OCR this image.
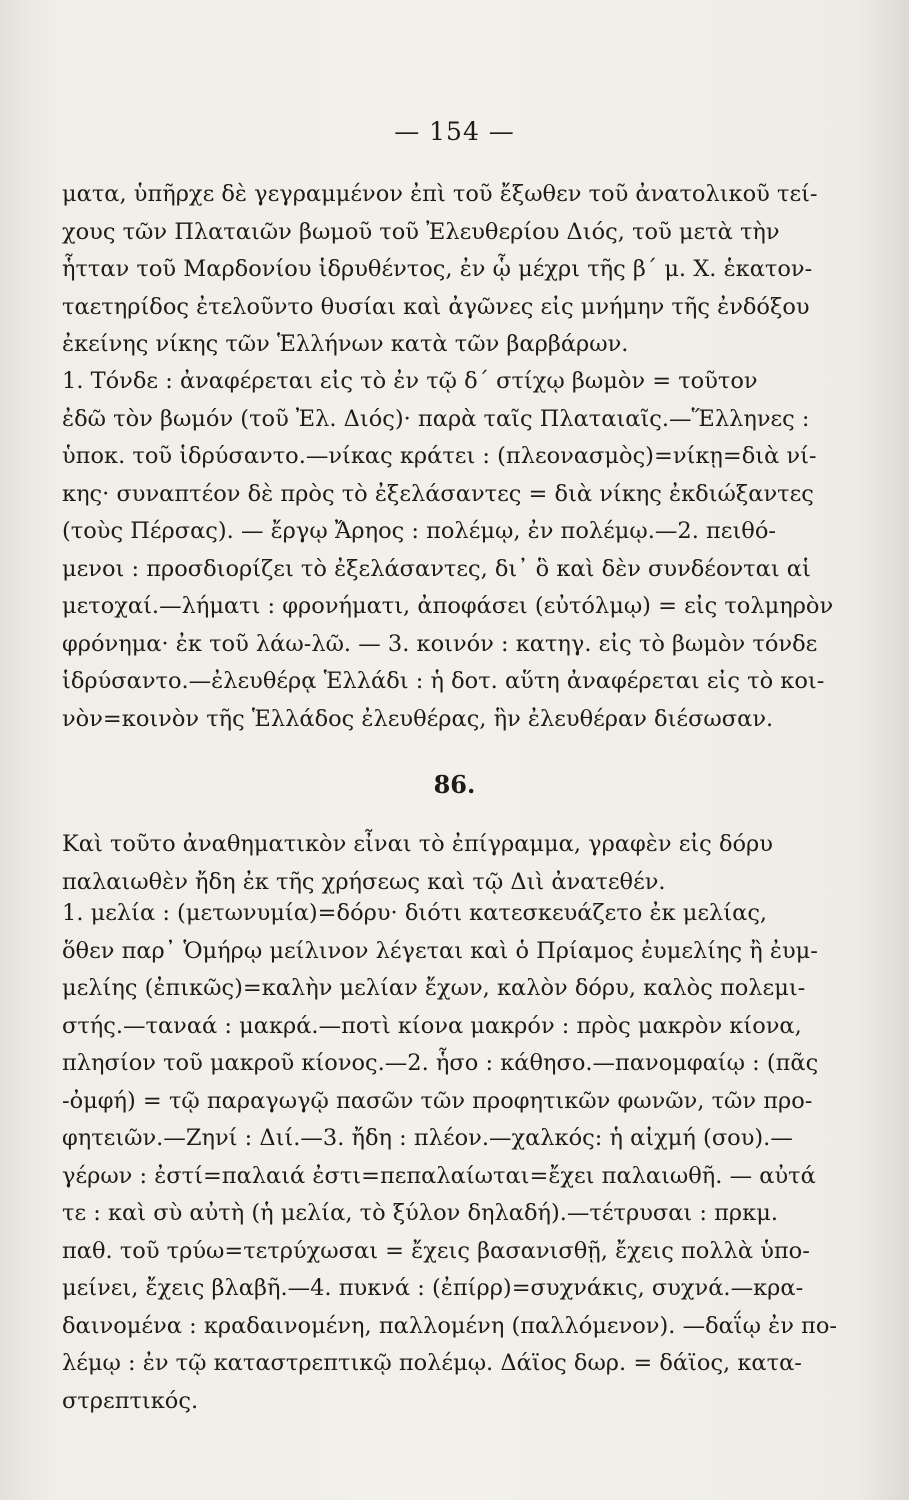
— 154 —
ματα, ὑπῆρχε δὲ γεγραμμένον ἐπὶ τοῦ ἔξωθεν τοῦ ἀνατολικοῦ τεί-
χους τῶν Πλαταιῶν βωμοῦ τοῦ Ἐλευθερίου Διός, τοῦ μετὰ τὴν
ἧτταν τοῦ Μαρδονίου ἱδρυθέντος, ἐν ᾧ μέχρι τῆς β΄ μ. Χ. ἑκατον-
ταετηρίδος ἐτελοῦντο θυσίαι καὶ ἀγῶνες εἰς μνήμην τῆς ἐνδόξου
ἐκείνης νίκης τῶν Ἑλλήνων κατὰ τῶν βαρβάρων.
1. Τόνδε : ἀναφέρεται εἰς τὸ ἐν τῷ δ΄ στίχῳ βωμὸν = τοῦτον
ἐδῶ τὸν βωμόν (τοῦ Ἐλ. Διός)· παρὰ ταῖς Πλαταιαῖς.—Ἕλληνες :
ὑποκ. τοῦ ἱδρύσαντο.—νίκας κράτει : (πλεονασμὸς)=νίκῃ=διὰ νί-
κης· συναπτέον δὲ πρὸς τὸ ἐξελάσαντες = διὰ νίκης ἐκδιώξαντες
(τοὺς Πέρσας). — ἔργῳ Ἄρηος : πολέμῳ, ἐν πολέμῳ.—2. πειθό-
μενοι : προσδιορίζει τὸ ἐξελάσαντες, δι᾽ ὃ καὶ δὲν συνδέονται αἱ
μετοχαί.—λήματι : φρονήματι, ἀποφάσει (εὐτόλμῳ) = εἰς τολμηρὸν
φρόνημα· ἐκ τοῦ λάω-λῶ. — 3. κοινόν : κατηγ. εἰς τὸ βωμὸν τόνδε
ἱδρύσαντο.—ἐλευθέρᾳ Ἑλλάδι : ἡ δοτ. αὕτη ἀναφέρεται εἰς τὸ κοι-
νὸν=κοινὸν τῆς Ἑλλάδος ἐλευθέρας, ἣν ἐλευθέραν διέσωσαν.
86.
Καὶ τοῦτο ἀναθηματικὸν εἶναι τὸ ἐπίγραμμα, γραφὲν εἰς δόρυ
παλαιωθὲν ἤδη ἐκ τῆς χρήσεως καὶ τῷ Διὶ ἀνατεθέν.
1. μελία : (μετωνυμία)=δόρυ· διότι κατεσκευάζετο ἐκ μελίας,
ὅθεν παρ᾽ Ὁμήρῳ μείλινον λέγεται καὶ ὁ Πρίαμος ἐυμελίης ἢ ἐυμ-
μελίης (ἐπικῶς)=καλὴν μελίαν ἔχων, καλὸν δόρυ, καλὸς πολεμι-
στής.—ταναά : μακρά.—ποτὶ κίονα μακρόν : πρὸς μακρὸν κίονα,
πλησίον τοῦ μακροῦ κίονος.—2. ἧσο : κάθησο.—πανομφαίῳ : (πᾶς
-ὀμφή) = τῷ παραγωγῷ πασῶν τῶν προφητικῶν φωνῶν, τῶν προ-
φητειῶν.—Ζηνί : Διί.—3. ἤδη : πλέον.—χαλκός: ἡ αἰχμή (σου).—
γέρων : ἐστί=παλαιά ἐστι=πεπαλαίωται=ἔχει παλαιωθῆ. — αὐτά
τε : καὶ σὺ αὐτὴ (ἡ μελία, τὸ ξύλον δηλαδή).—τέτρυσαι : πρκμ.
παθ. τοῦ τρύω=τετρύχωσαι = ἔχεις βασανισθῇ, ἔχεις πολλὰ ὑπο-
μείνει, ἔχεις βλαβῆ.—4. πυκνά : (ἐπίρρ)=συχνάκις, συχνά.—κρα-
δαινομένα : κραδαινομένη, παλλομένη (παλλόμενον). —δαΐῳ ἐν πο-
λέμῳ : ἐν τῷ καταστρεπτικῷ πολέμῳ. Δάϊος δωρ. = δάϊος, κατα-
στρεπτικός.
